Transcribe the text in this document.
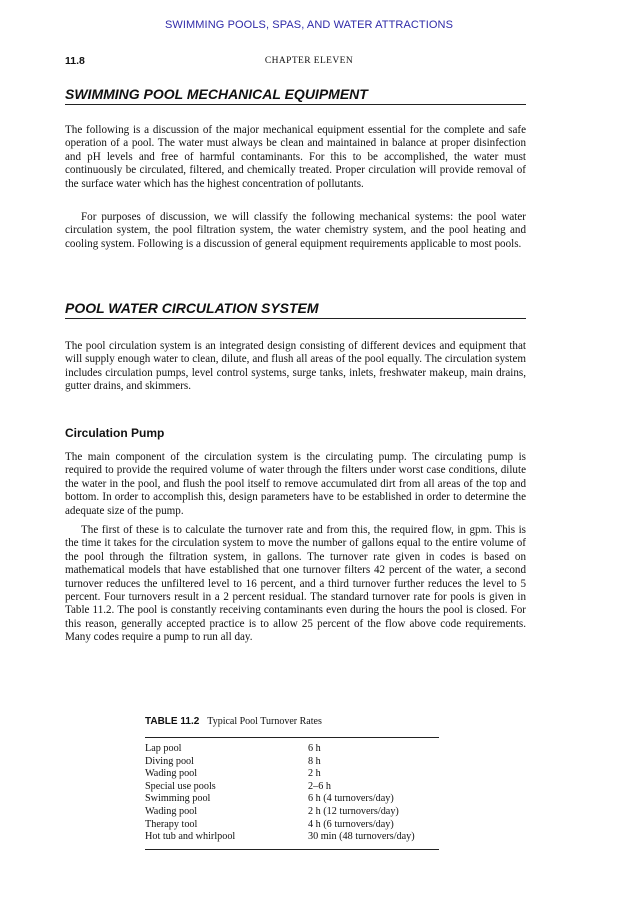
SWIMMING POOLS, SPAS, AND WATER ATTRACTIONS
11.8	CHAPTER ELEVEN
SWIMMING POOL MECHANICAL EQUIPMENT

The following is a discussion of the major mechanical equipment essential for the complete and safe operation of a pool. The water must always be clean and maintained in balance at proper disinfection and pH levels and free of harmful contaminants. For this to be accomplished, the water must continuously be circulated, filtered, and chemically treated. Proper circulation will provide removal of the surface water which has the highest concentration of pollutants.

For purposes of discussion, we will classify the following mechanical systems: the pool water circulation system, the pool filtration system, the water chemistry system, and the pool heating and cooling system. Following is a discussion of general equipment requirements applicable to most pools.

POOL WATER CIRCULATION SYSTEM

The pool circulation system is an integrated design consisting of different devices and equipment that will supply enough water to clean, dilute, and flush all areas of the pool equally. The circulation system includes circulation pumps, level control systems, surge tanks, inlets, freshwater makeup, main drains, gutter drains, and skimmers.

Circulation Pump

The main component of the circulation system is the circulating pump. The circulating pump is required to provide the required volume of water through the filters under worst case conditions, dilute the water in the pool, and flush the pool itself to remove accumulated dirt from all areas of the top and bottom. In order to accomplish this, design parameters have to be established in order to determine the adequate size of the pump.

The first of these is to calculate the turnover rate and from this, the required flow, in gpm. This is the time it takes for the circulation system to move the number of gallons equal to the entire volume of the pool through the filtration system, in gallons. The turnover rate given in codes is based on mathematical models that have established that one turnover filters 42 percent of the water, a second turnover reduces the unfiltered level to 16 percent, and a third turnover further reduces the level to 5 percent. Four turnovers result in a 2 percent residual. The standard turnover rate for pools is given in Table 11.2. The pool is constantly receiving contaminants even during the hours the pool is closed. For this reason, generally accepted practice is to allow 25 percent of the flow above code requirements. Many codes require a pump to run all day.

TABLE 11.2 Typical Pool Turnover Rates
Lap pool	6 h
Diving pool	8 h
Wading pool	2 h
Special use pools	2–6 h
Swimming pool	6 h (4 turnovers/day)
Wading pool	2 h (12 turnovers/day)
Therapy tool	4 h (6 turnovers/day)
Hot tub and whirlpool	30 min (48 turnovers/day)
